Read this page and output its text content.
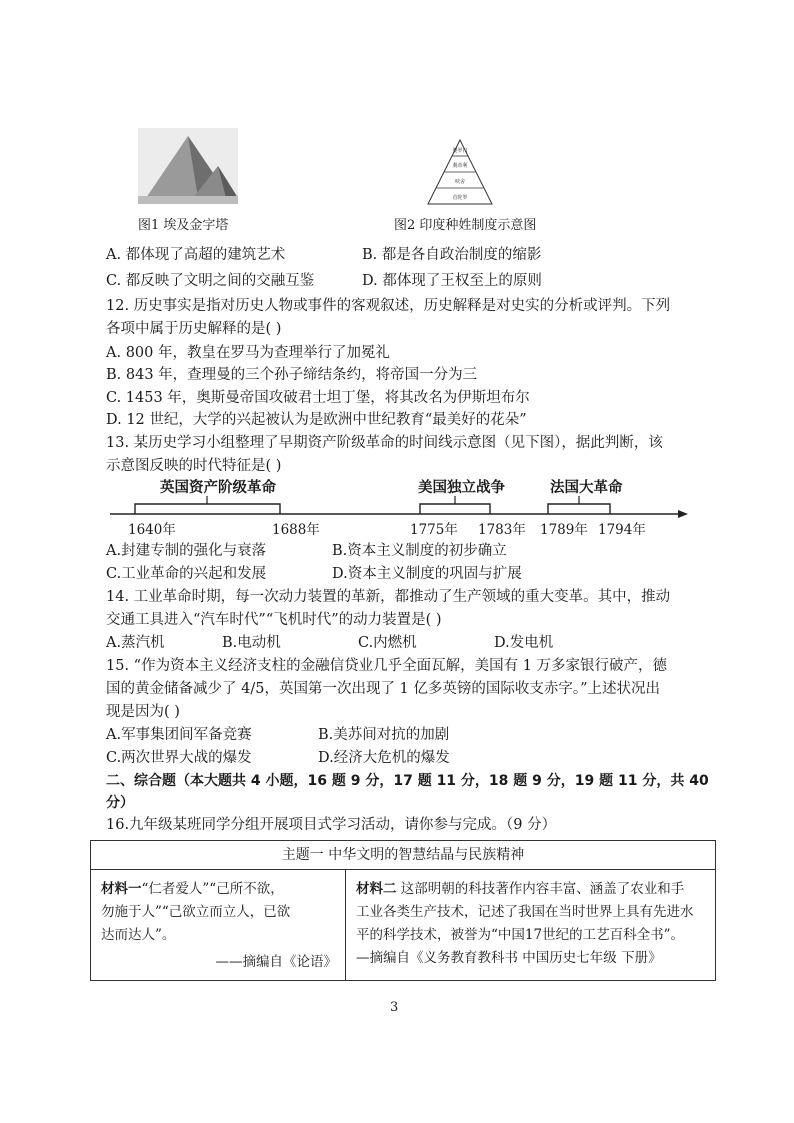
图1 埃及金字塔
婆罗门
刹帝利
吠舍
首陀罗
图2 印度种姓制度示意图
A. 都体现了高超的建筑艺术	B. 都是各自政治制度的缩影
C. 都反映了文明之间的交融互鉴	D. 都体现了王权至上的原则
12. 历史事实是指对历史人物或事件的客观叙述，历史解释是对史实的分析或评判。下列
各项中属于历史解释的是( )
A. 800 年，教皇在罗马为查理举行了加冕礼
B. 843 年，查理曼的三个孙子缔结条约，将帝国一分为三
C. 1453 年，奥斯曼帝国攻破君士坦丁堡，将其改名为伊斯坦布尔
D. 12 世纪，大学的兴起被认为是欧洲中世纪教育“最美好的花朵”
13. 某历史学习小组整理了早期资产阶级革命的时间线示意图（见下图），据此判断，该
示意图反映的时代特征是( )
英国资产阶级革命	美国独立战争	法国大革命
1640年	1688年	1775年 1783年 1789年 1794年
A.封建专制的强化与衰落	B.资本主义制度的初步确立
C.工业革命的兴起和发展	D.资本主义制度的巩固与扩展
14. 工业革命时期，每一次动力装置的革新，都推动了生产领域的重大变革。其中，推动
交通工具进入“汽车时代”“飞机时代”的动力装置是( )
A.蒸汽机	B.电动机	C.内燃机	D.发电机
15. “作为资本主义经济支柱的金融信贷业几乎全面瓦解，美国有 1 万多家银行破产，德
国的黄金储备减少了 4/5，英国第一次出现了 1 亿多英镑的国际收支赤字。”上述状况出
现是因为( )
A.军事集团间军备竞赛	B.美苏间对抗的加剧
C.两次世界大战的爆发	D.经济大危机的爆发
二、综合题（本大题共 4 小题，16 题 9 分，17 题 11 分，18 题 9 分，19 题 11 分，共 40
分）
16.九年级某班同学分组开展项目式学习活动，请你参与完成。（9 分）
主题一 中华文明的智慧结晶与民族精神

材料一“仁者爱人”“己所不欲，
勿施于人”“己欲立而立人，已欲
达而达人”。
——摘编自《论语》

材料二 这部明朝的科技著作内容丰富、涵盖了农业和手
工业各类生产技术，记述了我国在当时世界上具有先进水
平的科学技术，被誉为“中国17世纪的工艺百科全书”。
—摘编自《义务教育教科书 中国历史七年级 下册》
3
